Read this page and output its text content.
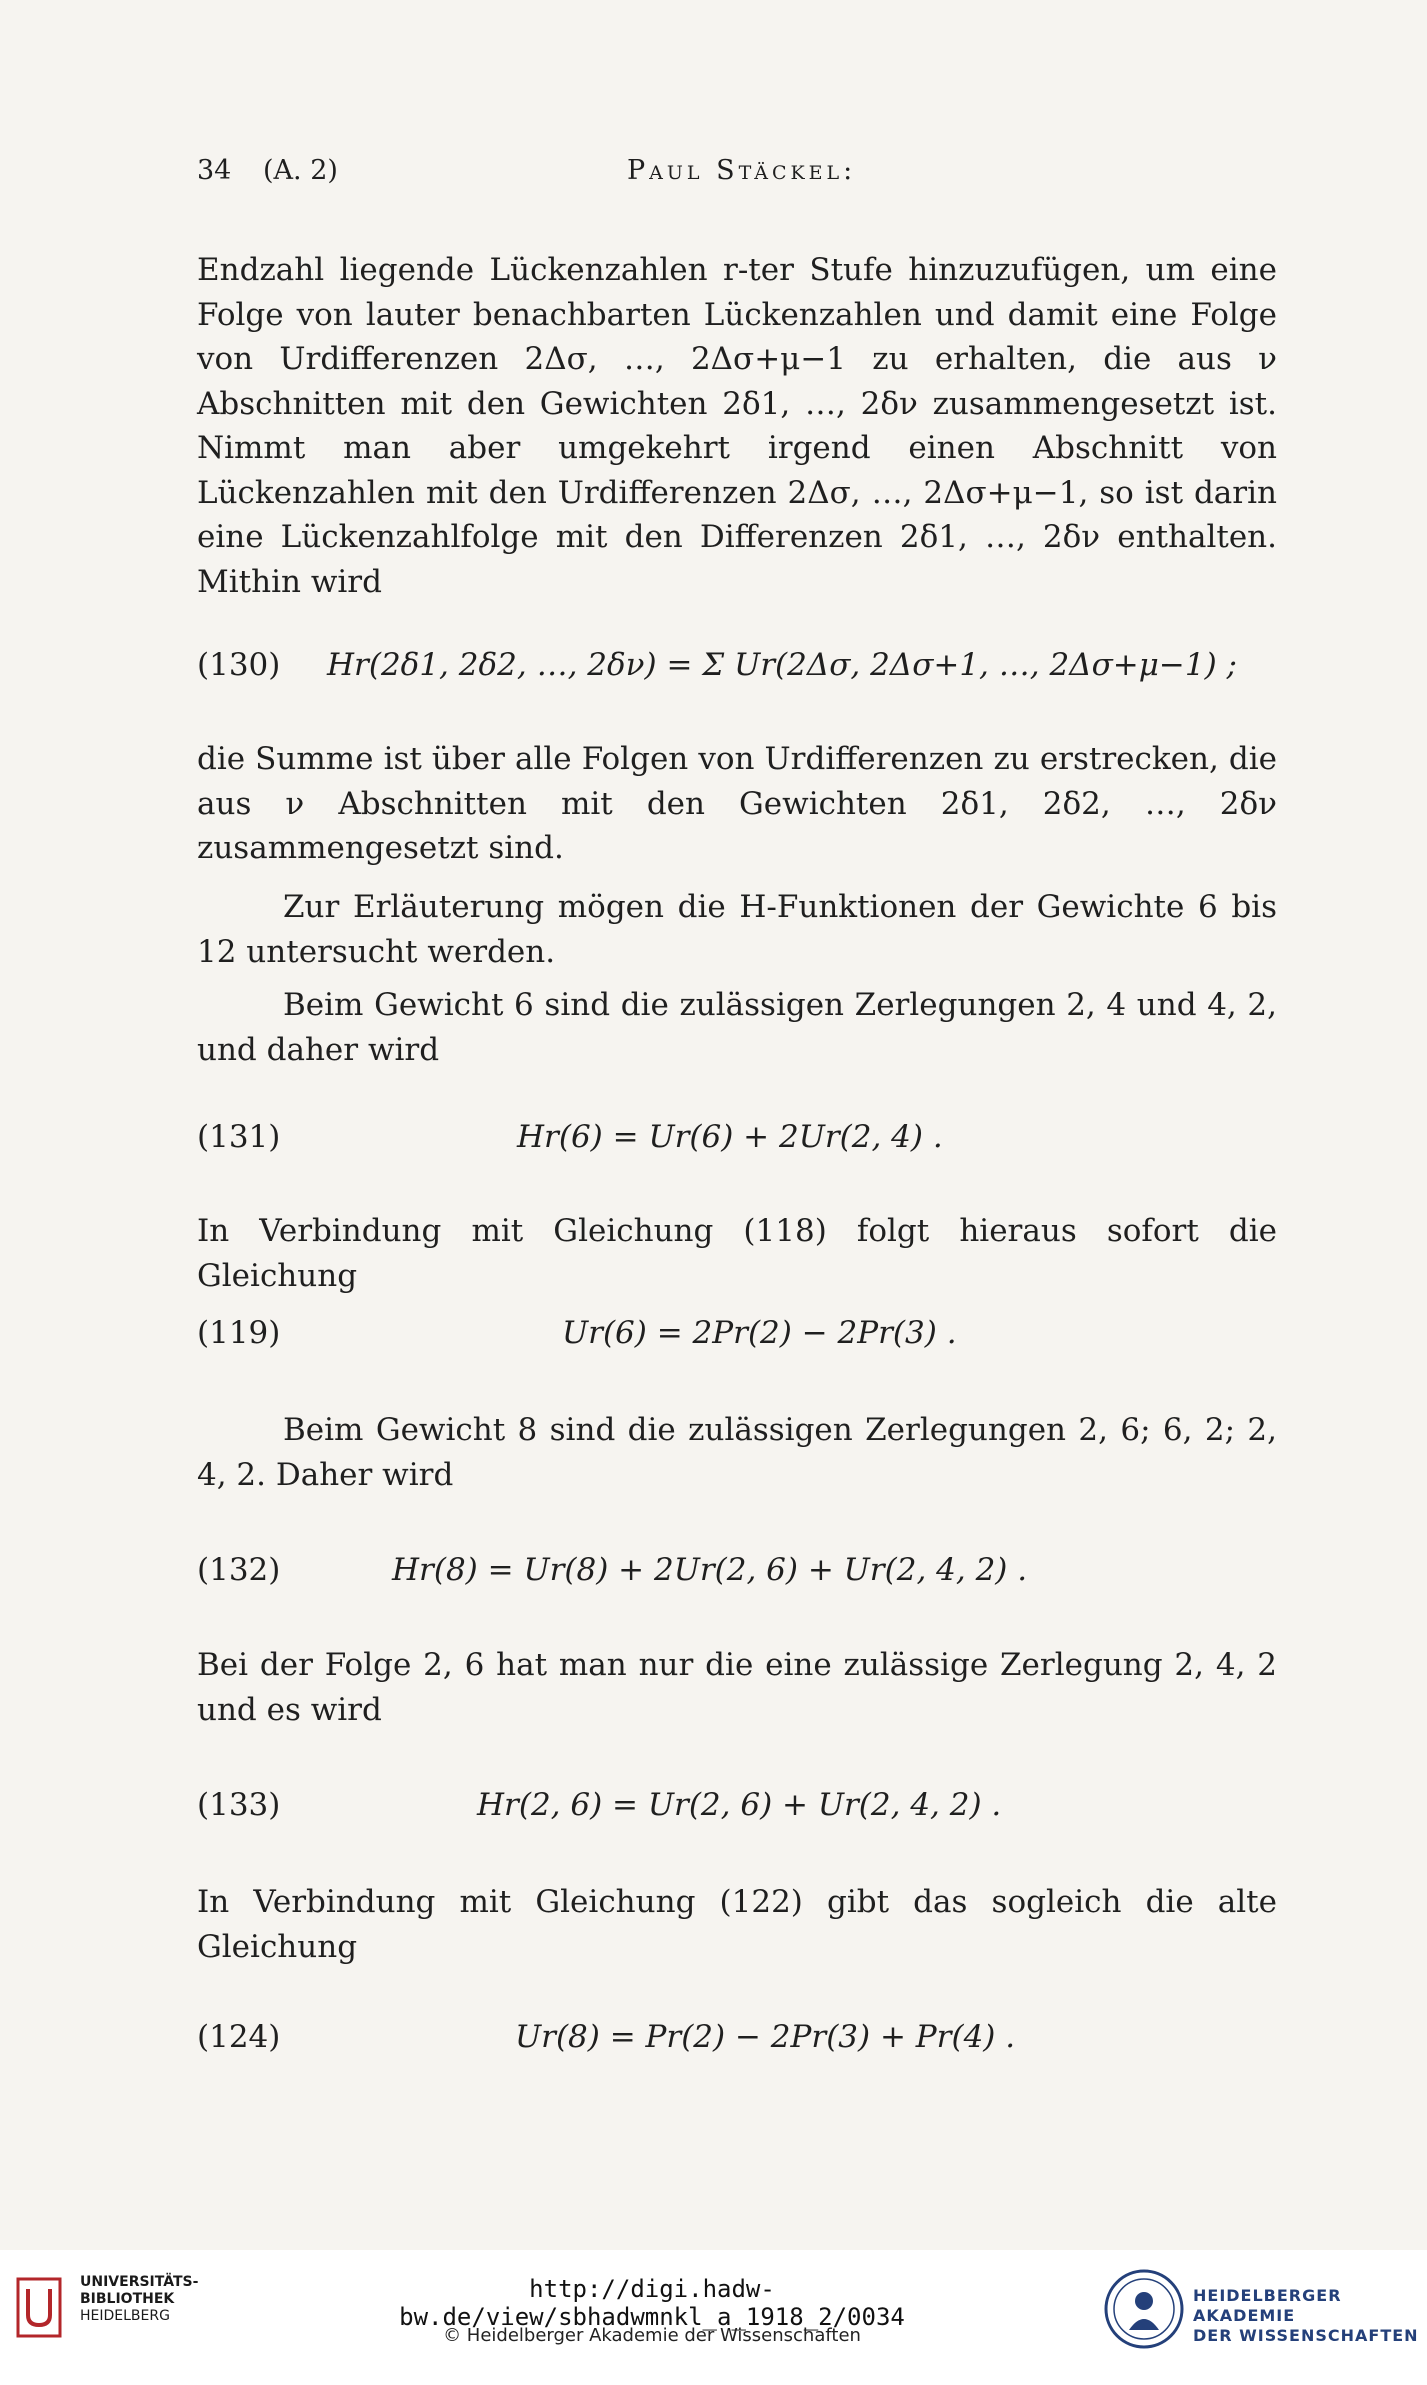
34 (A. 2)	Paul Stäckel:

Endzahl liegende Lückenzahlen r-ter Stufe hinzuzufügen, um eine Folge von lauter benachbarten Lückenzahlen und damit eine Folge von Urdifferenzen 2Δσ, …, 2Δσ+μ−1 zu erhalten, die aus ν Abschnitten mit den Gewichten 2δ1, …, 2δν zusammengesetzt ist. Nimmt man aber umgekehrt irgend einen Abschnitt von Lückenzahlen mit den Urdifferenzen 2Δσ, …, 2Δσ+μ−1, so ist darin eine Lückenzahlfolge mit den Differenzen 2δ1, …, 2δν enthalten. Mithin wird

(130) Hr(2δ1, 2δ2, …, 2δν) = Σ Ur(2Δσ, 2Δσ+1, …, 2Δσ+μ−1) ;

die Summe ist über alle Folgen von Urdifferenzen zu erstrecken, die aus ν Abschnitten mit den Gewichten 2δ1, 2δ2, …, 2δν zusammengesetzt sind.

Zur Erläuterung mögen die H-Funktionen der Gewichte 6 bis 12 untersucht werden.

Beim Gewicht 6 sind die zulässigen Zerlegungen 2, 4 und 4, 2, und daher wird

(131)	Hr(6) = Ur(6) + 2Ur(2, 4) .

In Verbindung mit Gleichung (118) folgt hieraus sofort die Gleichung

(119)	Ur(6) = 2Pr(2) − 2Pr(3) .

Beim Gewicht 8 sind die zulässigen Zerlegungen 2, 6; 6, 2; 2, 4, 2. Daher wird

(132)	Hr(8) = Ur(8) + 2Ur(2, 6) + Ur(2, 4, 2) .

Bei der Folge 2, 6 hat man nur die eine zulässige Zerlegung 2, 4, 2 und es wird

(133)	Hr(2, 6) = Ur(2, 6) + Ur(2, 4, 2) .

In Verbindung mit Gleichung (122) gibt das sogleich die alte Gleichung

(124)	Ur(8) = Pr(2) − 2Pr(3) + Pr(4) .
UNIVERSITÄTS-
BIBLIOTHEK
HEIDELBERG
http://digi.hadw-bw.de/view/sbhadwmnkl_a_1918_2/0034
© Heidelberger Akademie der Wissenschaften
HEIDELBERGER AKADEMIE
DER WISSENSCHAFTEN
